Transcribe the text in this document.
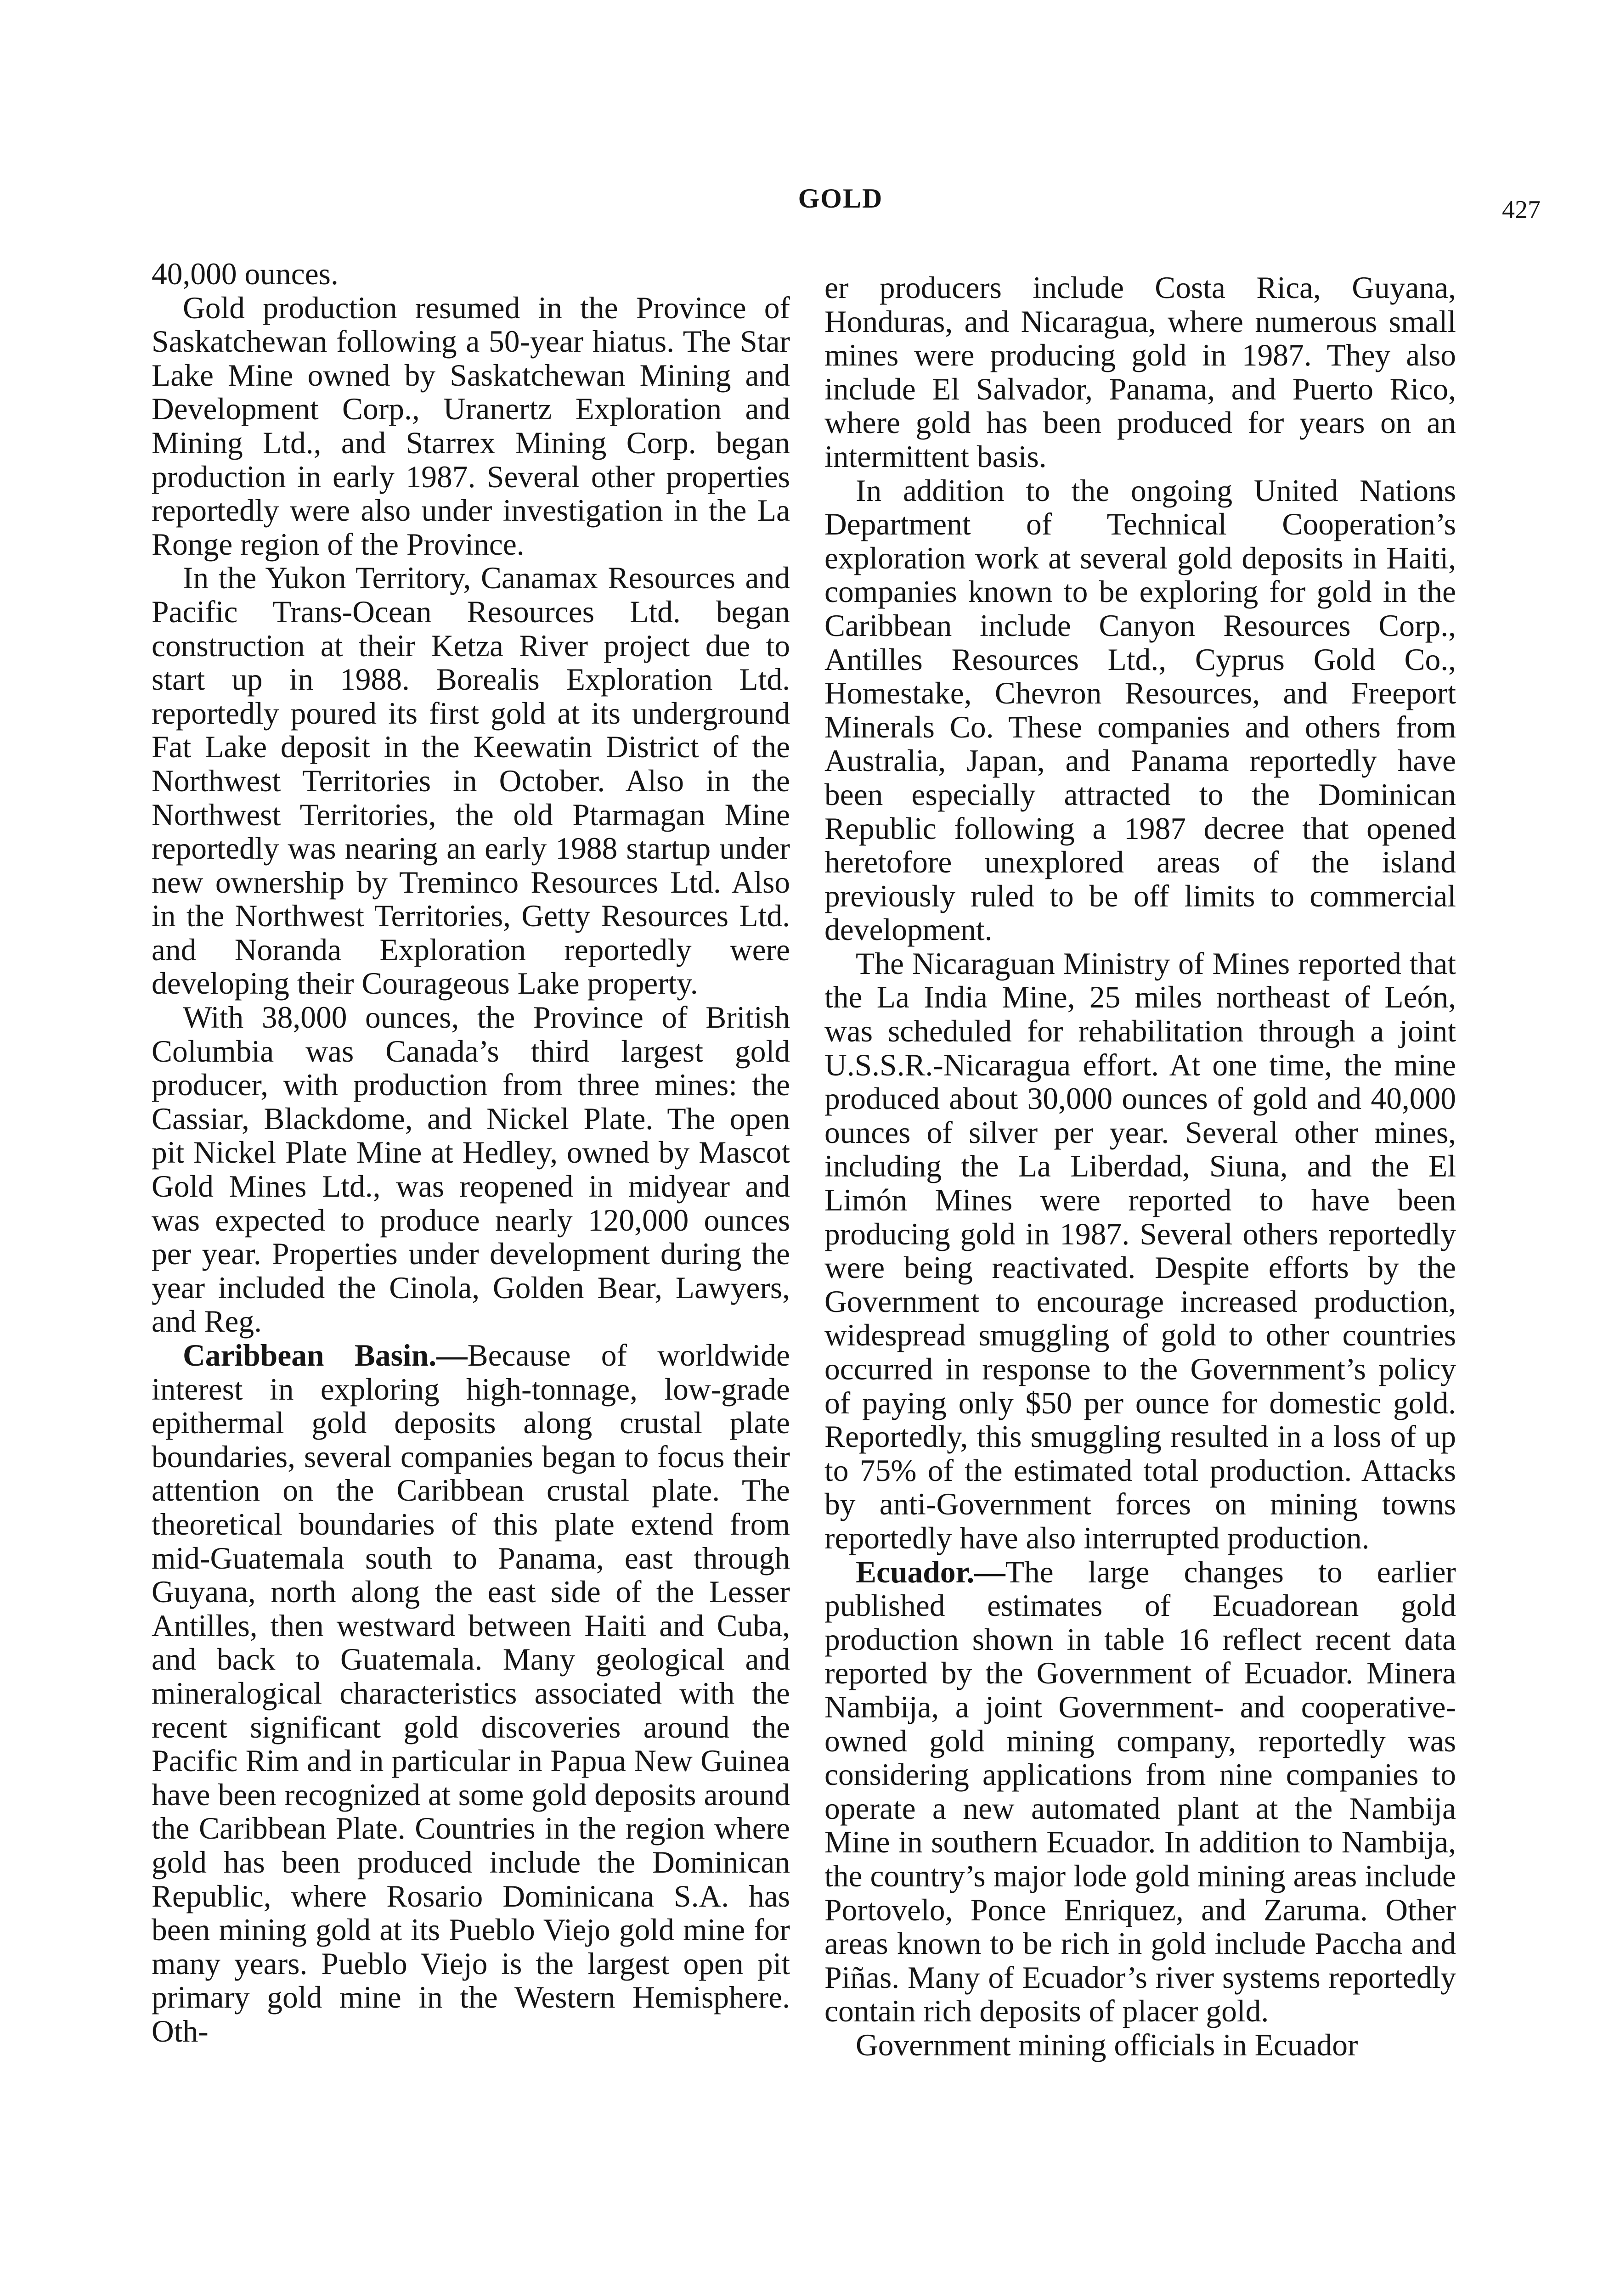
GOLD	427

40,000 ounces.

Gold production resumed in the Province of Saskatchewan following a 50-year hiatus. The Star Lake Mine owned by Saskatchewan Mining and Development Corp., Uranertz Exploration and Mining Ltd., and Starrex Mining Corp. began production in early 1987. Several other properties reportedly were also under investigation in the La Ronge region of the Province.

In the Yukon Territory, Canamax Resources and Pacific Trans-Ocean Resources Ltd. began construction at their Ketza River project due to start up in 1988. Borealis Exploration Ltd. reportedly poured its first gold at its underground Fat Lake deposit in the Keewatin District of the Northwest Territories in October. Also in the Northwest Territories, the old Ptarmagan Mine reportedly was nearing an early 1988 startup under new ownership by Treminco Resources Ltd. Also in the Northwest Territories, Getty Resources Ltd. and Noranda Exploration reportedly were developing their Courageous Lake property.

With 38,000 ounces, the Province of British Columbia was Canada’s third largest gold producer, with production from three mines: the Cassiar, Blackdome, and Nickel Plate. The open pit Nickel Plate Mine at Hedley, owned by Mascot Gold Mines Ltd., was reopened in midyear and was expected to produce nearly 120,000 ounces per year. Properties under development during the year included the Cinola, Golden Bear, Lawyers, and Reg.

Caribbean Basin.—Because of worldwide interest in exploring high-tonnage, low-grade epithermal gold deposits along crustal plate boundaries, several companies began to focus their attention on the Caribbean crustal plate. The theoretical boundaries of this plate extend from mid-Guatemala south to Panama, east through Guyana, north along the east side of the Lesser Antilles, then westward between Haiti and Cuba, and back to Guatemala. Many geological and mineralogical characteristics associated with the recent significant gold discoveries around the Pacific Rim and in particular in Papua New Guinea have been recognized at some gold deposits around the Caribbean Plate. Countries in the region where gold has been produced include the Dominican Republic, where Rosario Dominicana S.A. has been mining gold at its Pueblo Viejo gold mine for many years. Pueblo Viejo is the largest open pit primary gold mine in the Western Hemisphere. Oth-

er producers include Costa Rica, Guyana, Honduras, and Nicaragua, where numerous small mines were producing gold in 1987. They also include El Salvador, Panama, and Puerto Rico, where gold has been produced for years on an intermittent basis.

In addition to the ongoing United Nations Department of Technical Cooperation’s exploration work at several gold deposits in Haiti, companies known to be exploring for gold in the Caribbean include Canyon Resources Corp., Antilles Resources Ltd., Cyprus Gold Co., Homestake, Chevron Resources, and Freeport Minerals Co. These companies and others from Australia, Japan, and Panama reportedly have been especially attracted to the Dominican Republic following a 1987 decree that opened heretofore unexplored areas of the island previously ruled to be off limits to commercial development.

The Nicaraguan Ministry of Mines reported that the La India Mine, 25 miles northeast of León, was scheduled for rehabilitation through a joint U.S.S.R.-Nicaragua effort. At one time, the mine produced about 30,000 ounces of gold and 40,000 ounces of silver per year. Several other mines, including the La Liberdad, Siuna, and the El Limón Mines were reported to have been producing gold in 1987. Several others reportedly were being reactivated. Despite efforts by the Government to encourage increased production, widespread smuggling of gold to other countries occurred in response to the Government’s policy of paying only $50 per ounce for domestic gold. Reportedly, this smuggling resulted in a loss of up to 75% of the estimated total production. Attacks by anti-Government forces on mining towns reportedly have also interrupted production.

Ecuador.—The large changes to earlier published estimates of Ecuadorean gold production shown in table 16 reflect recent data reported by the Government of Ecuador. Minera Nambija, a joint Government- and cooperative-owned gold mining company, reportedly was considering applications from nine companies to operate a new automated plant at the Nambija Mine in southern Ecuador. In addition to Nambija, the country’s major lode gold mining areas include Portovelo, Ponce Enriquez, and Zaruma. Other areas known to be rich in gold include Paccha and Piñas. Many of Ecuador’s river systems reportedly contain rich deposits of placer gold.

Government mining officials in Ecuador
